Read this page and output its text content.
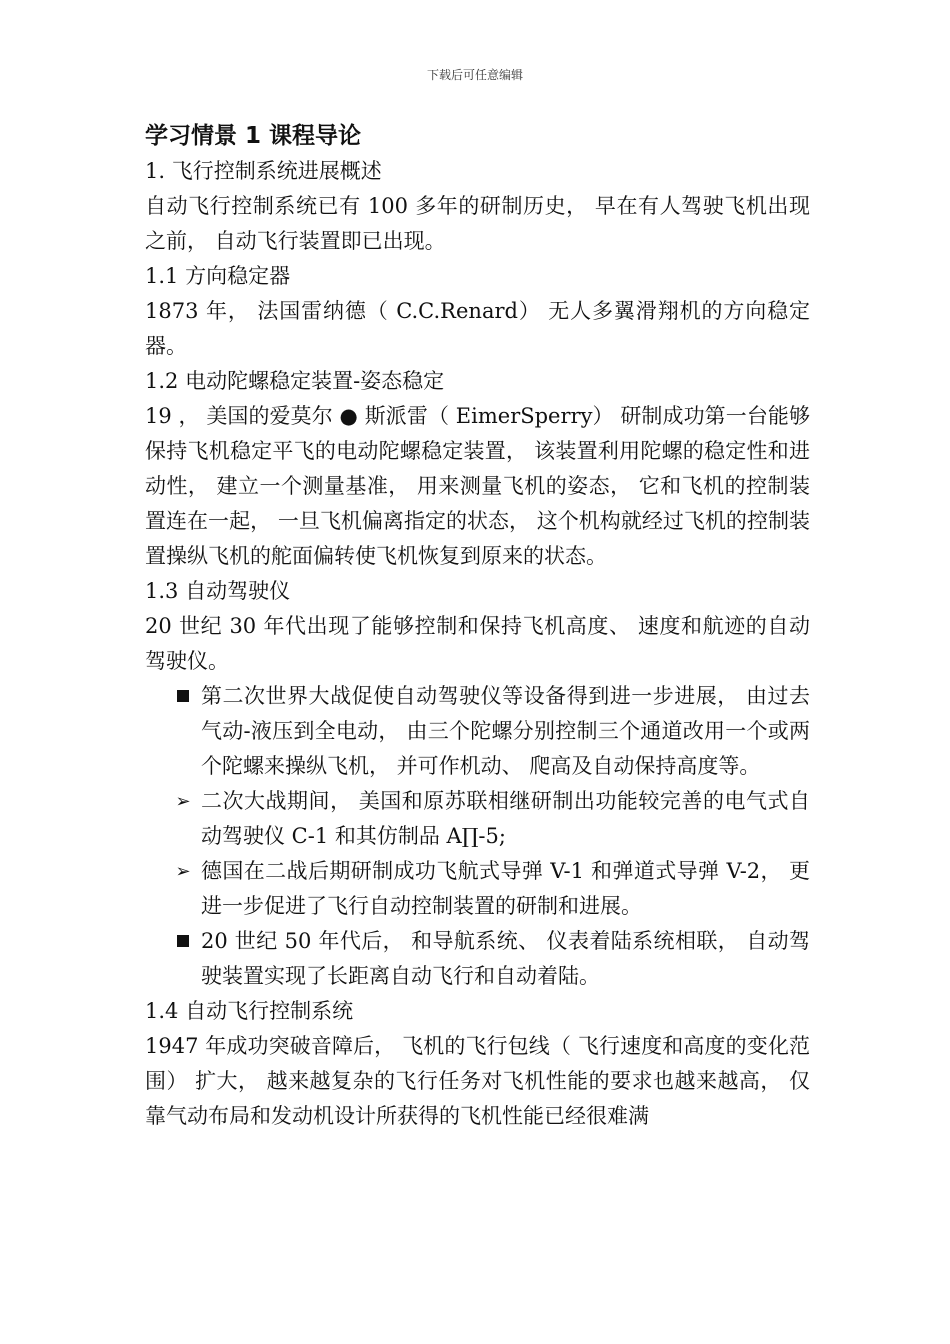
下载后可任意编辑
学习情景 1 课程导论

1. 飞行控制系统进展概述

自动飞行控制系统已有 100 多年的研制历史， 早在有人驾驶飞机出现之前， 自动飞行装置即已出现。

1.1 方向稳定器

1873 年， 法国雷纳德（ C.C.Renard） 无人多翼滑翔机的方向稳定器。

1.2 电动陀螺稳定装置-姿态稳定

19 ， 美国的爱莫尔 ● 斯派雷（ EimerSperry） 研制成功第一台能够保持飞机稳定平飞的电动陀螺稳定装置， 该装置利用陀螺的稳定性和进动性， 建立一个测量基准， 用来测量飞机的姿态， 它和飞机的控制装置连在一起， 一旦飞机偏离指定的状态， 这个机构就经过飞机的控制装置操纵飞机的舵面偏转使飞机恢复到原来的状态。

1.3 自动驾驶仪

20 世纪 30 年代出现了能够控制和保持飞机高度、 速度和航迹的自动驾驶仪。

第二次世界大战促使自动驾驶仪等设备得到进一步进展， 由过去气动-液压到全电动， 由三个陀螺分别控制三个通道改用一个或两个陀螺来操纵飞机， 并可作机动、 爬高及自动保持高度等。
➢ 二次大战期间， 美国和原苏联相继研制出功能较完善的电气式自动驾驶仪 C-1 和其仿制品 A∏-5;
➢ 德国在二战后期研制成功飞航式导弹 V-1 和弹道式导弹 V-2， 更进一步促进了飞行自动控制装置的研制和进展。
20 世纪 50 年代后， 和导航系统、 仪表着陆系统相联， 自动驾驶装置实现了长距离自动飞行和自动着陆。

1.4 自动飞行控制系统

1947 年成功突破音障后， 飞机的飞行包线（ 飞行速度和高度的变化范围） 扩大， 越来越复杂的飞行任务对飞机性能的要求也越来越高， 仅靠气动布局和发动机设计所获得的飞机性能已经很难满
